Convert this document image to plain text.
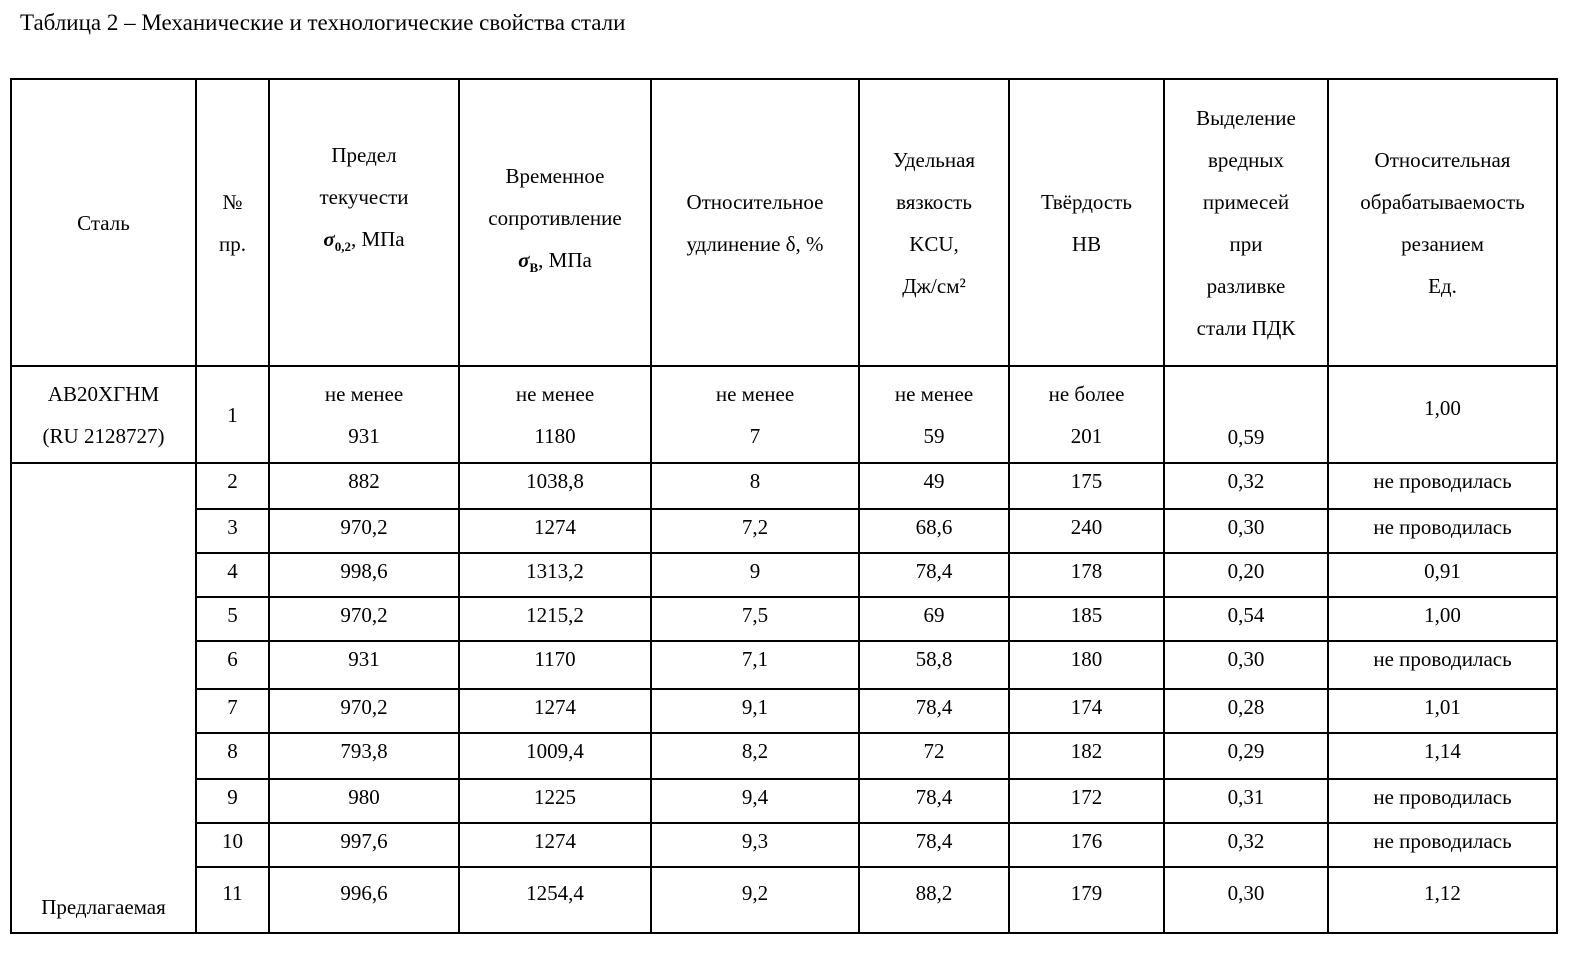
Таблица 2 – Механические и технологические свойства стали
Сталь	
№
пр.

Предел
текучести
σ0,2, МПа

Временное
сопротивление
σВ, МПа

Относительное
удлинение δ, %

Удельная
вязкость
KCU,
Дж/см²

Твёрдость
НВ

Выделение
вредных
примесей
при
разливке
стали ПДК

Относительная
обрабатываемость
резанием
Ед.

АВ20ХГНМ
(RU 2128727)
	1	
не менее
931

не менее
1180

не менее
7

не менее
59

не более
201	0,59	1,00
Предлагаемая	2	882	1038,8	8	49	175	0,32	не проводилась
3	970,2	1274	7,2	68,6	240	0,30	не проводилась
4	998,6	1313,2	9	78,4	178	0,20	0,91
5	970,2	1215,2	7,5	69	185	0,54	1,00
6	931	1170	7,1	58,8	180	0,30	не проводилась
7	970,2	1274	9,1	78,4	174	0,28	1,01
8	793,8	1009,4	8,2	72	182	0,29	1,14
9	980	1225	9,4	78,4	172	0,31	не проводилась
10	997,6	1274	9,3	78,4	176	0,32	не проводилась
11	996,6	1254,4	9,2	88,2	179	0,30	1,12
